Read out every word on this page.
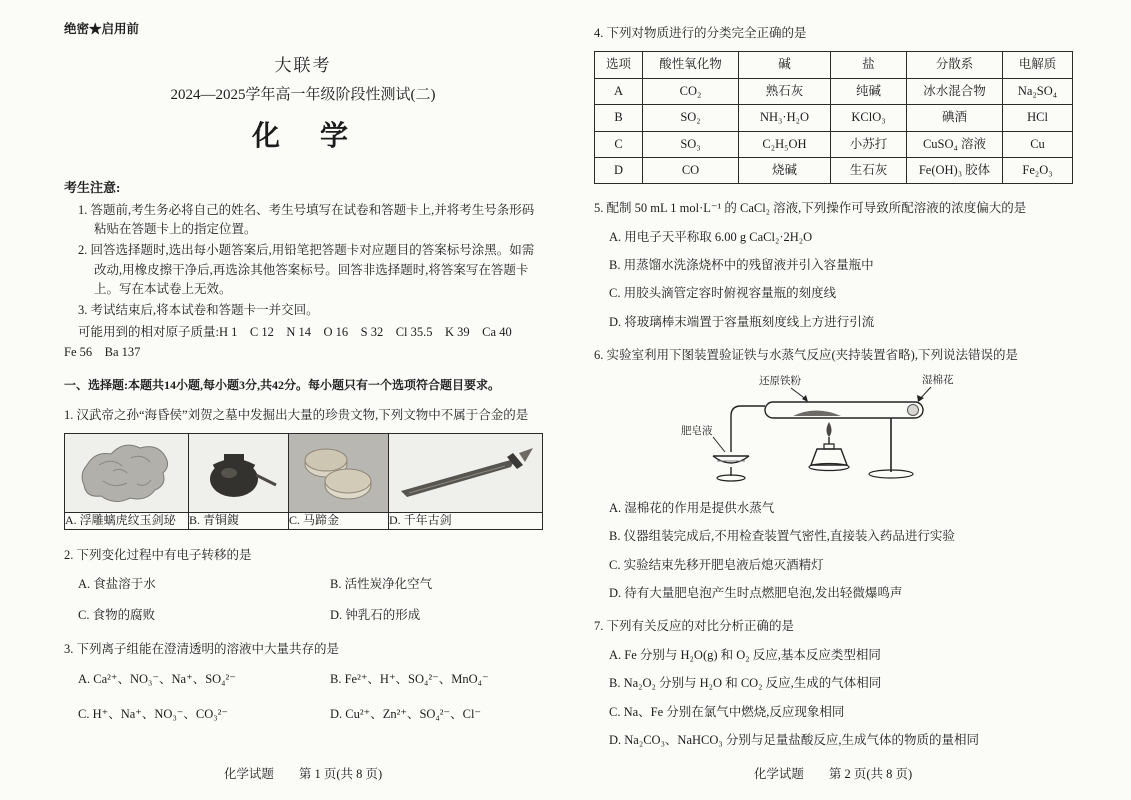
绝密★启用前
大联考
2024—2025学年高一年级阶段性测试(二)
化　学
考生注意:
1. 答题前,考生务必将自己的姓名、考生号填写在试卷和答题卡上,并将考生号条形码粘贴在答题卡上的指定位置。
2. 回答选择题时,选出每小题答案后,用铅笔把答题卡对应题目的答案标号涂黑。如需改动,用橡皮擦干净后,再选涂其他答案标号。回答非选择题时,将答案写在答题卡上。写在本试卷上无效。
3. 考试结束后,将本试卷和答题卡一并交回。
可能用到的相对原子质量:H 1　C 12　N 14　O 16　S 32　Cl 35.5　K 39　Ca 40
Fe 56　Ba 137
一、选择题:本题共14小题,每小题3分,共42分。每小题只有一个选项符合题目要求。
1. 汉武帝之孙“海昏侯”刘贺之墓中发掘出大量的珍贵文物,下列文物中不属于合金的是

A. 浮雕螭虎纹玉剑珌	B. 青铜鍑	C. 马蹄金	D. 千年古剑
2. 下列变化过程中有电子转移的是
A. 食盐溶于水	B. 活性炭净化空气
C. 食物的腐败	D. 钟乳石的形成
3. 下列离子组能在澄清透明的溶液中大量共存的是
A. Ca²⁺、NO₃⁻、Na⁺、SO₄²⁻	B. Fe²⁺、H⁺、SO₄²⁻、MnO₄⁻
C. H⁺、Na⁺、NO₃⁻、CO₃²⁻	D. Cu²⁺、Zn²⁺、SO₄²⁻、Cl⁻
化学试题　　第 1 页(共 8 页)
4. 下列对物质进行的分类完全正确的是
选项	酸性氧化物	碱	盐	分散系	电解质
A	CO₂	熟石灰	纯碱	冰水混合物	Na₂SO₄
B	SO₂	NH₃·H₂O	KClO₃	碘酒	HCl
C	SO₃	C₂H₅OH	小苏打	CuSO₄ 溶液	Cu
D	CO	烧碱	生石灰	Fe(OH)₃ 胶体	Fe₂O₃
5. 配制 50 mL 1 mol·L⁻¹ 的 CaCl₂ 溶液,下列操作可导致所配溶液的浓度偏大的是
A. 用电子天平称取 6.00 g CaCl₂·2H₂O
B. 用蒸馏水洗涤烧杯中的残留液并引入容量瓶中
C. 用胶头滴管定容时俯视容量瓶的刻度线
D. 将玻璃棒末端置于容量瓶刻度线上方进行引流
6. 实验室利用下图装置验证铁与水蒸气反应(夹持装置省略),下列说法错误的是
还原铁粉	湿棉花
肥皂液
A. 湿棉花的作用是提供水蒸气
B. 仪器组装完成后,不用检查装置气密性,直接装入药品进行实验
C. 实验结束先移开肥皂液后熄灭酒精灯
D. 待有大量肥皂泡产生时点燃肥皂泡,发出轻微爆鸣声
7. 下列有关反应的对比分析正确的是
A. Fe 分别与 H₂O(g) 和 O₂ 反应,基本反应类型相同
B. Na₂O₂ 分别与 H₂O 和 CO₂ 反应,生成的气体相同
C. Na、Fe 分别在氯气中燃烧,反应现象相同
D. Na₂CO₃、NaHCO₃ 分别与足量盐酸反应,生成气体的物质的量相同
化学试题　　第 2 页(共 8 页)
